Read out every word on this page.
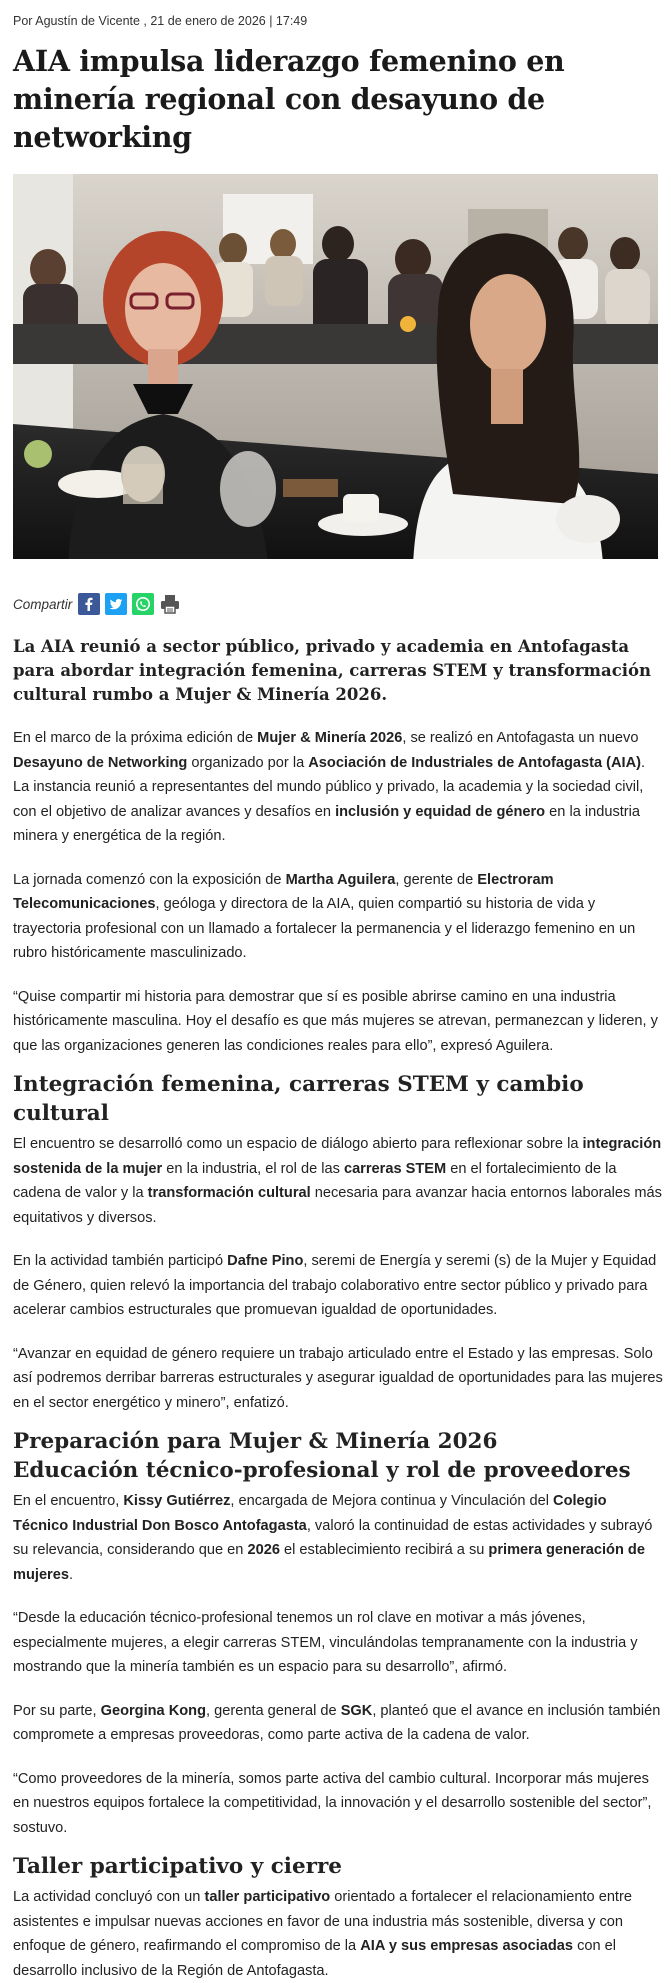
Por Agustín de Vicente , 21 de enero de 2026 | 17:49

AIA impulsa liderazgo femenino en minería regional con desayuno de networking
Compartir

La AIA reunió a sector público, privado y academia en Antofagasta para abordar integración femenina, carreras STEM y transformación cultural rumbo a Mujer & Minería 2026.

En el marco de la próxima edición de Mujer & Minería 2026, se realizó en Antofagasta un nuevo Desayuno de Networking organizado por la Asociación de Industriales de Antofagasta (AIA). La instancia reunió a representantes del mundo público y privado, la academia y la sociedad civil, con el objetivo de analizar avances y desafíos en inclusión y equidad de género en la industria minera y energética de la región.

La jornada comenzó con la exposición de Martha Aguilera, gerente de Electroram Telecomunicaciones, geóloga y directora de la AIA, quien compartió su historia de vida y trayectoria profesional con un llamado a fortalecer la permanencia y el liderazgo femenino en un rubro históricamente masculinizado.

“Quise compartir mi historia para demostrar que sí es posible abrirse camino en una industria históricamente masculina. Hoy el desafío es que más mujeres se atrevan, permanezcan y lideren, y que las organizaciones generen las condiciones reales para ello”, expresó Aguilera.

Integración femenina, carreras STEM y cambio cultural

El encuentro se desarrolló como un espacio de diálogo abierto para reflexionar sobre la integración sostenida de la mujer en la industria, el rol de las carreras STEM en el fortalecimiento de la cadena de valor y la transformación cultural necesaria para avanzar hacia entornos laborales más equitativos y diversos.

En la actividad también participó Dafne Pino, seremi de Energía y seremi (s) de la Mujer y Equidad de Género, quien relevó la importancia del trabajo colaborativo entre sector público y privado para acelerar cambios estructurales que promuevan igualdad de oportunidades.

“Avanzar en equidad de género requiere un trabajo articulado entre el Estado y las empresas. Solo así podremos derribar barreras estructurales y asegurar igualdad de oportunidades para las mujeres en el sector energético y minero”, enfatizó.

Preparación para Mujer & Minería 2026
Educación técnico-profesional y rol de proveedores

En el encuentro, Kissy Gutiérrez, encargada de Mejora continua y Vinculación del Colegio Técnico Industrial Don Bosco Antofagasta, valoró la continuidad de estas actividades y subrayó su relevancia, considerando que en 2026 el establecimiento recibirá a su primera generación de mujeres.

“Desde la educación técnico-profesional tenemos un rol clave en motivar a más jóvenes, especialmente mujeres, a elegir carreras STEM, vinculándolas tempranamente con la industria y mostrando que la minería también es un espacio para su desarrollo”, afirmó.

Por su parte, Georgina Kong, gerenta general de SGK, planteó que el avance en inclusión también compromete a empresas proveedoras, como parte activa de la cadena de valor.

“Como proveedores de la minería, somos parte activa del cambio cultural. Incorporar más mujeres en nuestros equipos fortalece la competitividad, la innovación y el desarrollo sostenible del sector”, sostuvo.

Taller participativo y cierre

La actividad concluyó con un taller participativo orientado a fortalecer el relacionamiento entre asistentes e impulsar nuevas acciones en favor de una industria más sostenible, diversa y con enfoque de género, reafirmando el compromiso de la AIA y sus empresas asociadas con el desarrollo inclusivo de la Región de Antofagasta.
